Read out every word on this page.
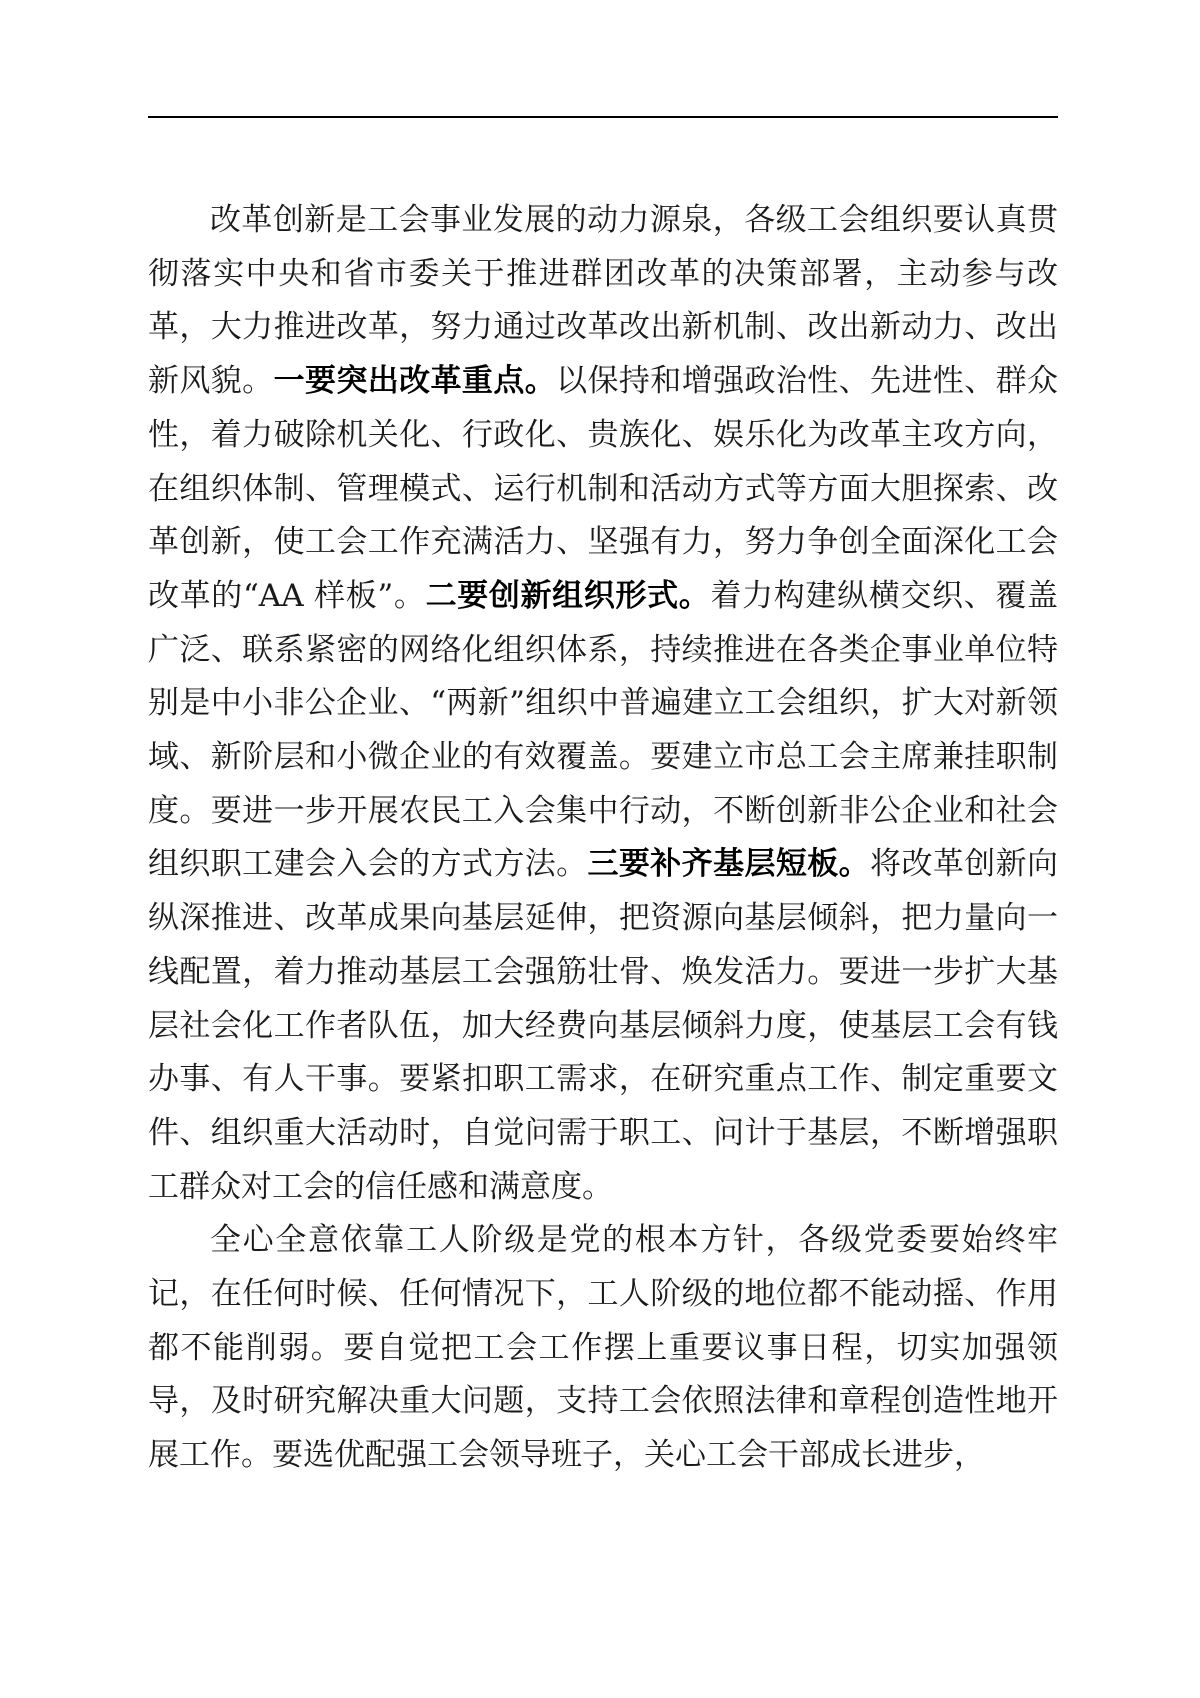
改革创新是工会事业发展的动力源泉，各级工会组织要认真贯彻落实中央和省市委关于推进群团改革的决策部署，主动参与改革，大力推进改革，努力通过改革改出新机制、改出新动力、改出新风貌。一要突出改革重点。以保持和增强政治性、先进性、群众性，着力破除机关化、行政化、贵族化、娱乐化为改革主攻方向，在组织体制、管理模式、运行机制和活动方式等方面大胆探索、改革创新，使工会工作充满活力、坚强有力，努力争创全面深化工会改革的“AA 样板”。二要创新组织形式。着力构建纵横交织、覆盖广泛、联系紧密的网络化组织体系，持续推进在各类企事业单位特别是中小非公企业、“两新”组织中普遍建立工会组织，扩大对新领域、新阶层和小微企业的有效覆盖。要建立市总工会主席兼挂职制度。要进一步开展农民工入会集中行动，不断创新非公企业和社会组织职工建会入会的方式方法。三要补齐基层短板。将改革创新向纵深推进、改革成果向基层延伸，把资源向基层倾斜，把力量向一线配置，着力推动基层工会强筋壮骨、焕发活力。要进一步扩大基层社会化工作者队伍，加大经费向基层倾斜力度，使基层工会有钱办事、有人干事。要紧扣职工需求，在研究重点工作、制定重要文件、组织重大活动时，自觉问需于职工、问计于基层，不断增强职工群众对工会的信任感和满意度。

全心全意依靠工人阶级是党的根本方针，各级党委要始终牢记，在任何时候、任何情况下，工人阶级的地位都不能动摇、作用都不能削弱。要自觉把工会工作摆上重要议事日程，切实加强领导，及时研究解决重大问题，支持工会依照法律和章程创造性地开展工作。要选优配强工会领导班子，关心工会干部成长进步，
